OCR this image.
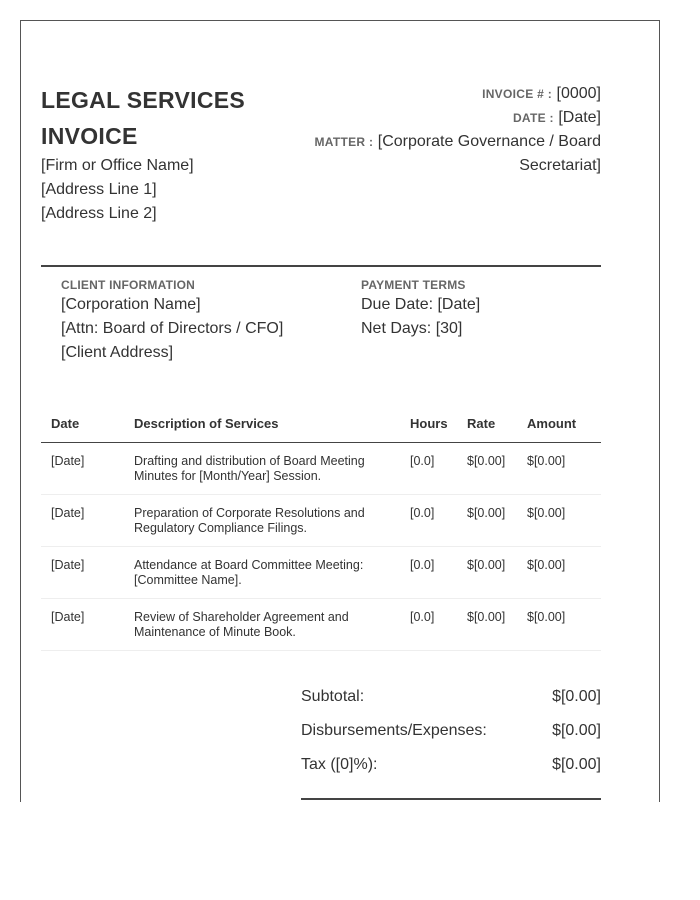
LEGAL SERVICES INVOICE
[Firm or Office Name]
[Address Line 1]
[Address Line 2]
INVOICE # : [0000]
DATE : [Date]
MATTER : [Corporate Governance / Board
Secretariat]
CLIENT INFORMATION
[Corporation Name]
[Attn: Board of Directors / CFO]
[Client Address]
PAYMENT TERMS
Due Date: [Date]
Net Days: [30]
Date	Description of Services	Hours	Rate	Amount
[Date]	Drafting and distribution of Board Meeting Minutes for [Month/Year] Session.	[0.0]	$[0.00]	$[0.00]
[Date]	Preparation of Corporate Resolutions and Regulatory Compliance Filings.	[0.0]	$[0.00]	$[0.00]
[Date]	Attendance at Board Committee Meeting: [Committee Name].	[0.0]	$[0.00]	$[0.00]
[Date]	Review of Shareholder Agreement and Maintenance of Minute Book.	[0.0]	$[0.00]	$[0.00]
Subtotal:	$[0.00]
Disbursements/Expenses:	$[0.00]
Tax ([0]%):	$[0.00]
